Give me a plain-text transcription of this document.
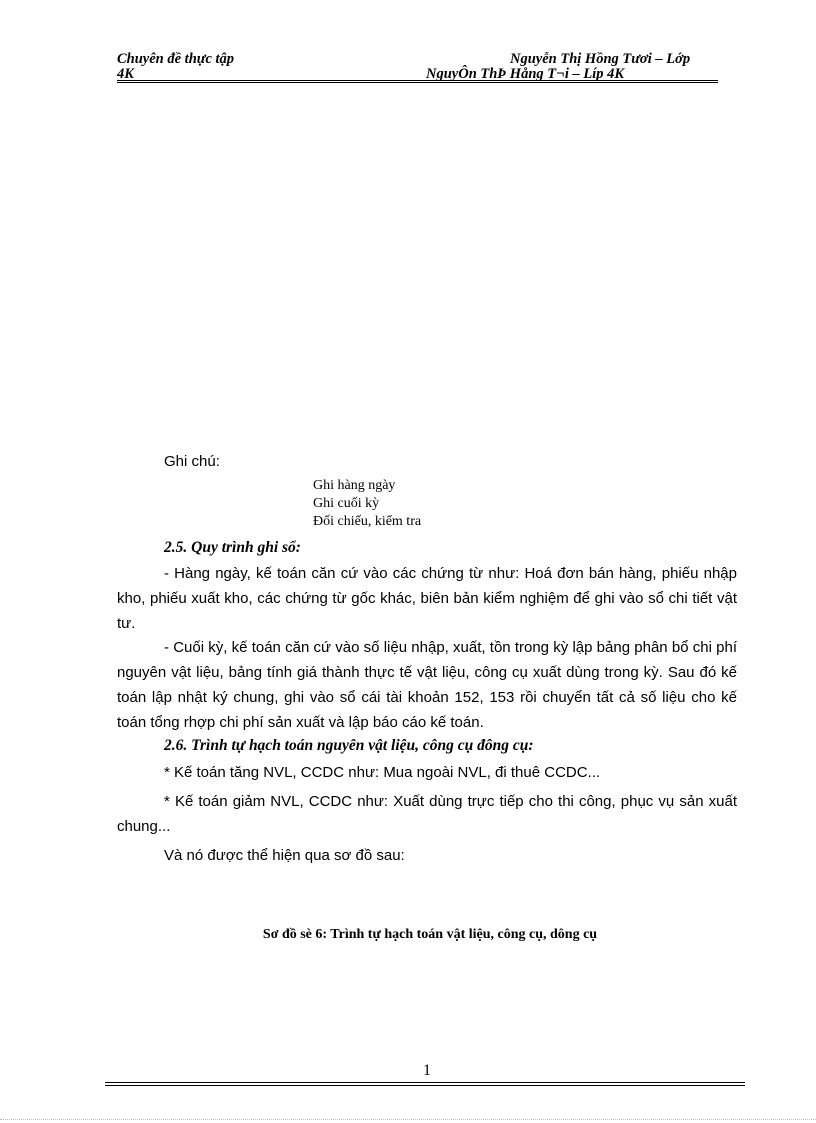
Chuyên đề thực tập	Nguyễn Thị Hồng Tươi – Lớp
4K	NguyÔn ThÞ Hång T¬i – Líp 4K
Ghi chú:
Ghi hàng ngày
Ghi cuối kỳ
Đối chiếu, kiểm tra
2.5. Quy trình ghi sổ:
- Hàng ngày, kế toán căn cứ vào các chứng từ như: Hoá đơn bán hàng, phiếu nhập kho, phiếu xuất kho, các chứng từ gốc khác, biên bản kiểm nghiệm để ghi vào sổ chi tiết vật tư.
- Cuối kỳ, kế toán căn cứ vào số liệu nhập, xuất, tồn trong kỳ lập bảng phân bổ chi phí nguyên vật liệu, bảng tính giá thành thực tế vật liệu, công cụ xuất dùng trong kỳ. Sau đó kế toán lập nhật ký chung, ghi vào sổ cái tài khoản 152, 153 rồi chuyển tất cả số liệu cho kế toán tổng rhợp chi phí sản xuất và lập báo cáo kế toán.
2.6. Trình tự hạch toán nguyên vật liệu, công cụ đông cụ:
* Kế toán tăng NVL, CCDC như: Mua ngoài NVL, đi thuê CCDC...
* Kế toán giảm NVL, CCDC như: Xuất dùng trực tiếp cho thi công, phục vụ sản xuất chung...
Và nó được thể hiện qua sơ đồ sau:
Sơ đồ sè 6: Trình tự hạch toán vật liệu, công cụ, dông cụ
1
